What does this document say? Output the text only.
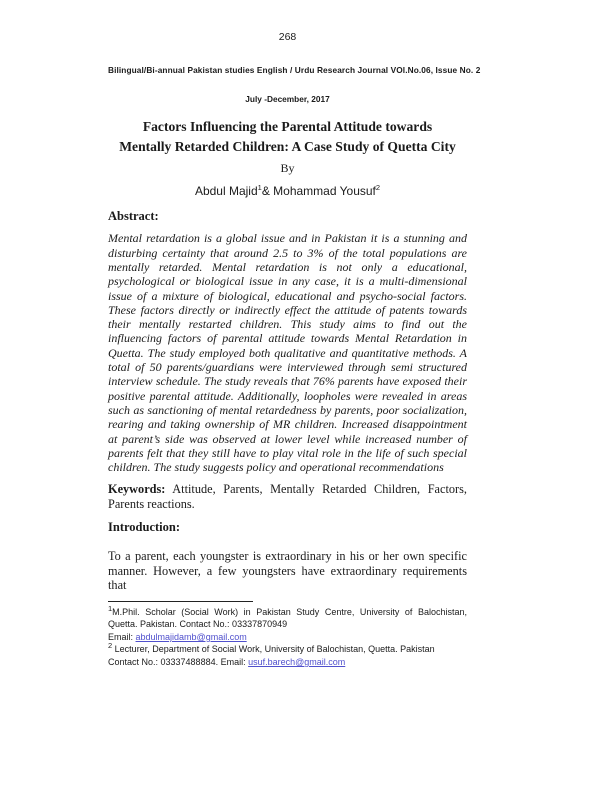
268
Bilingual/Bi-annual Pakistan studies English / Urdu Research Journal VOl.No.06, Issue No. 2
July -December, 2017
Factors Influencing the Parental Attitude towards Mentally Retarded Children: A Case Study of Quetta City
By
Abdul Majid$^1$& Mohammad Yousuf$^2$
Abstract:

Mental retardation is a global issue and in Pakistan it is a stunning and disturbing certainty that around 2.5 to 3% of the total populations are mentally retarded. Mental retardation is not only a educational, psychological or biological issue in any case, it is a multi-dimensional issue of a mixture of biological, educational and psycho-social factors. These factors directly or indirectly effect the attitude of patents towards their mentally restarted children. This study aims to find out the influencing factors of parental attitude towards Mental Retardation in Quetta. The study employed both qualitative and quantitative methods. A total of 50 parents/guardians were interviewed through semi structured interview schedule. The study reveals that 76% parents have exposed their positive parental attitude. Additionally, loopholes were revealed in areas such as sanctioning of mental retardedness by parents, poor socialization, rearing and taking ownership of MR children. Increased disappointment at parent’s side was observed at lower level while increased number of parents felt that they still have to play vital role in the life of such special children. The study suggests policy and operational recommendations

Keywords: Attitude, Parents, Mentally Retarded Children, Factors, Parents reactions.

Introduction:

To a parent, each youngster is extraordinary in his or her own specific manner. However, a few youngsters have extraordinary requirements that

$^1$M.Phil. Scholar (Social Work) in Pakistan Study Centre, University of Balochistan, Quetta. Pakistan. Contact No.: 03337870949
Email: abdulmajidamb@gmail.com
$^2$ Lecturer, Department of Social Work, University of Balochistan, Quetta. Pakistan Contact No.: 03337488884. Email: usuf.barech@gmail.com
